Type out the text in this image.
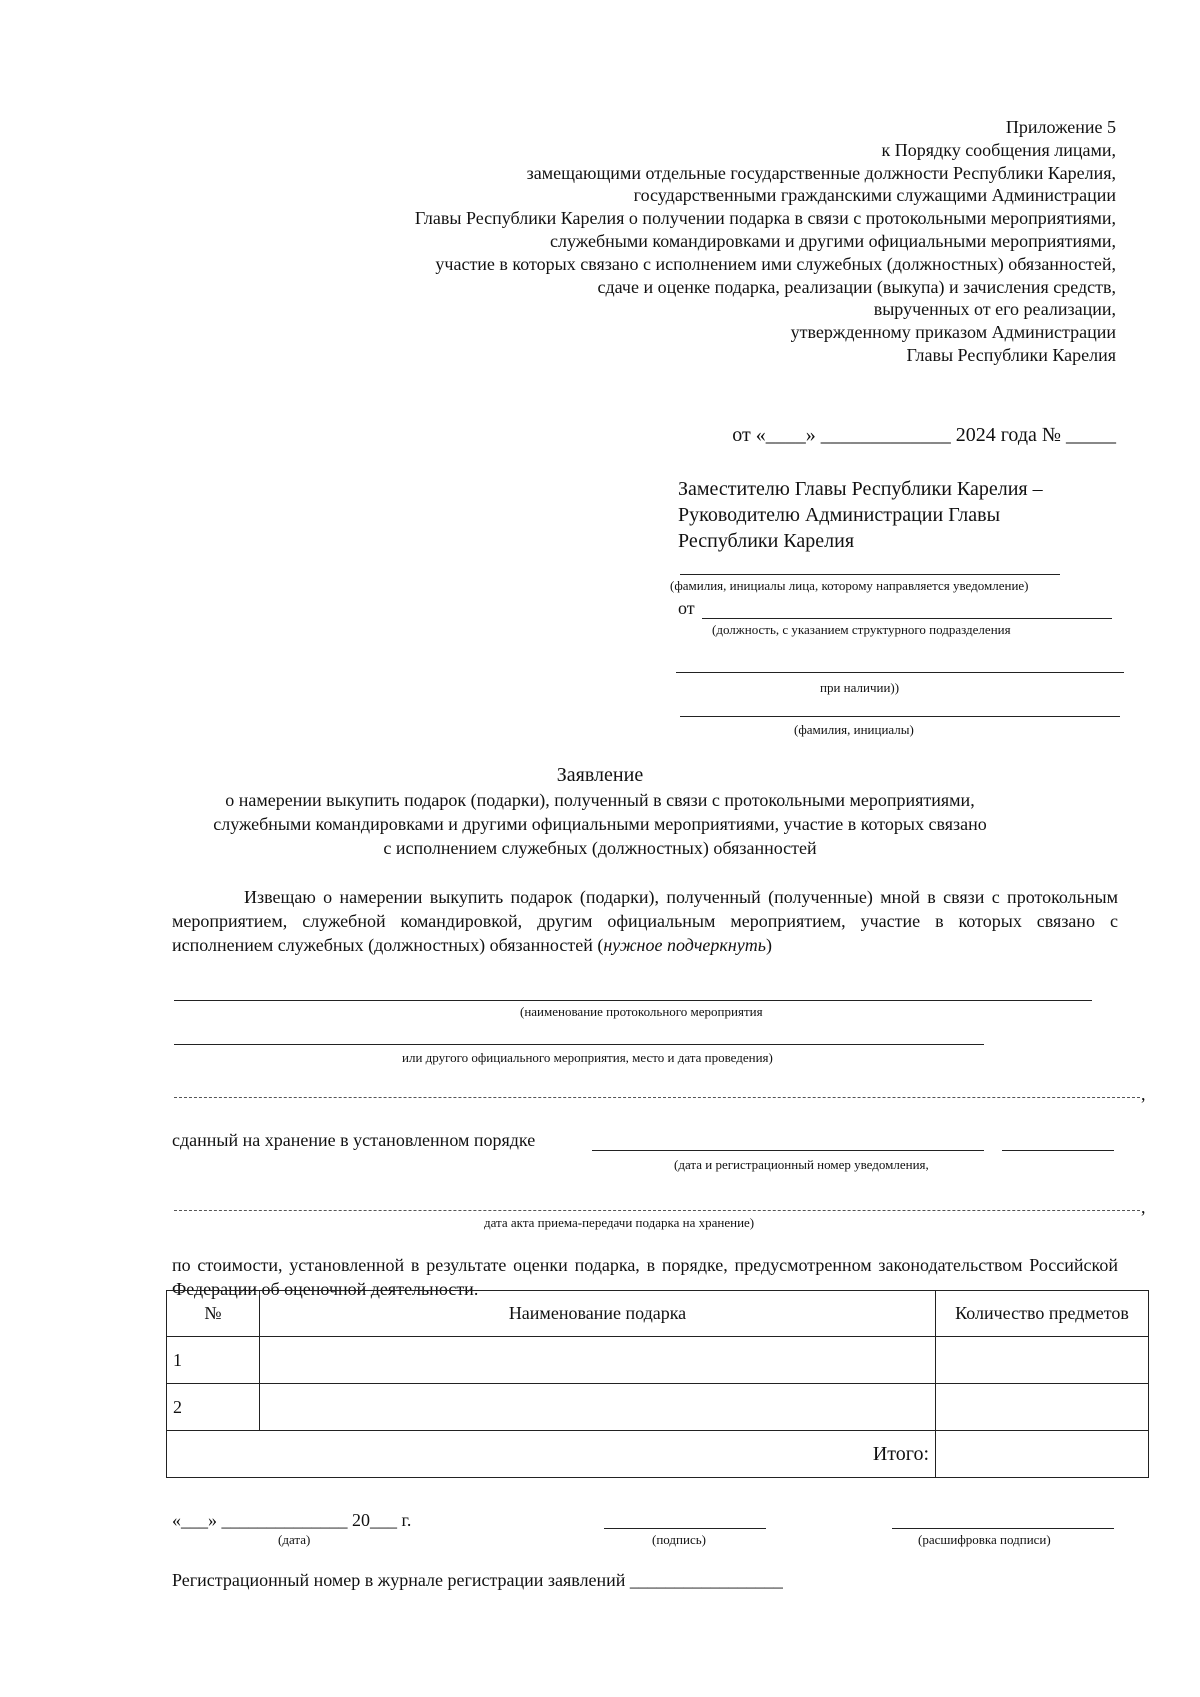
Приложение 5
к Порядку сообщения лицами,
замещающими отдельные государственные должности Республики Карелия,
государственными гражданскими служащими Администрации
Главы Республики Карелия о получении подарка в связи с протокольными мероприятиями,
служебными командировками и другими официальными мероприятиями,
участие в которых связано с исполнением ими служебных (должностных) обязанностей,
сдаче и оценке подарка, реализации (выкупа) и зачисления средств,
вырученных от его реализации,
утвержденному приказом Администрации
Главы Республики Карелия
от «____» _____________ 2024 года № _____
Заместителю Главы Республики Карелия –
Руководителю Администрации Главы
Республики Карелия
(фамилия, инициалы лица, которому направляется уведомление)
от
(должность, с указанием структурного подразделения
при наличии))
(фамилия, инициалы)
Заявление
о намерении выкупить подарок (подарки), полученный в связи с протокольными мероприятиями,
служебными командировками и другими официальными мероприятиями, участие в которых связано
с исполнением служебных (должностных) обязанностей
Извещаю о намерении выкупить подарок (подарки), полученный (полученные) мной в связи с протокольным мероприятием, служебной командировкой, другим официальным мероприятием, участие в которых связано с исполнением служебных (должностных) обязанностей (нужное подчеркнуть)
(наименование протокольного мероприятия
или другого официального мероприятия, место и дата проведения)
,
сданный на хранение в установленном порядке
(дата и регистрационный номер уведомления,
,
дата акта приема-передачи подарка на хранение)
по стоимости, установленной в результате оценки подарка, в порядке, предусмотренном законодательством Российской Федерации об оценочной деятельности.
№	Наименование подарка	Количество предметов
1		
2		
Итого:		
«___» ______________ 20___ г.
(дата)	(подпись)	(расшифровка подписи)
Регистрационный номер в журнале регистрации заявлений _________________
